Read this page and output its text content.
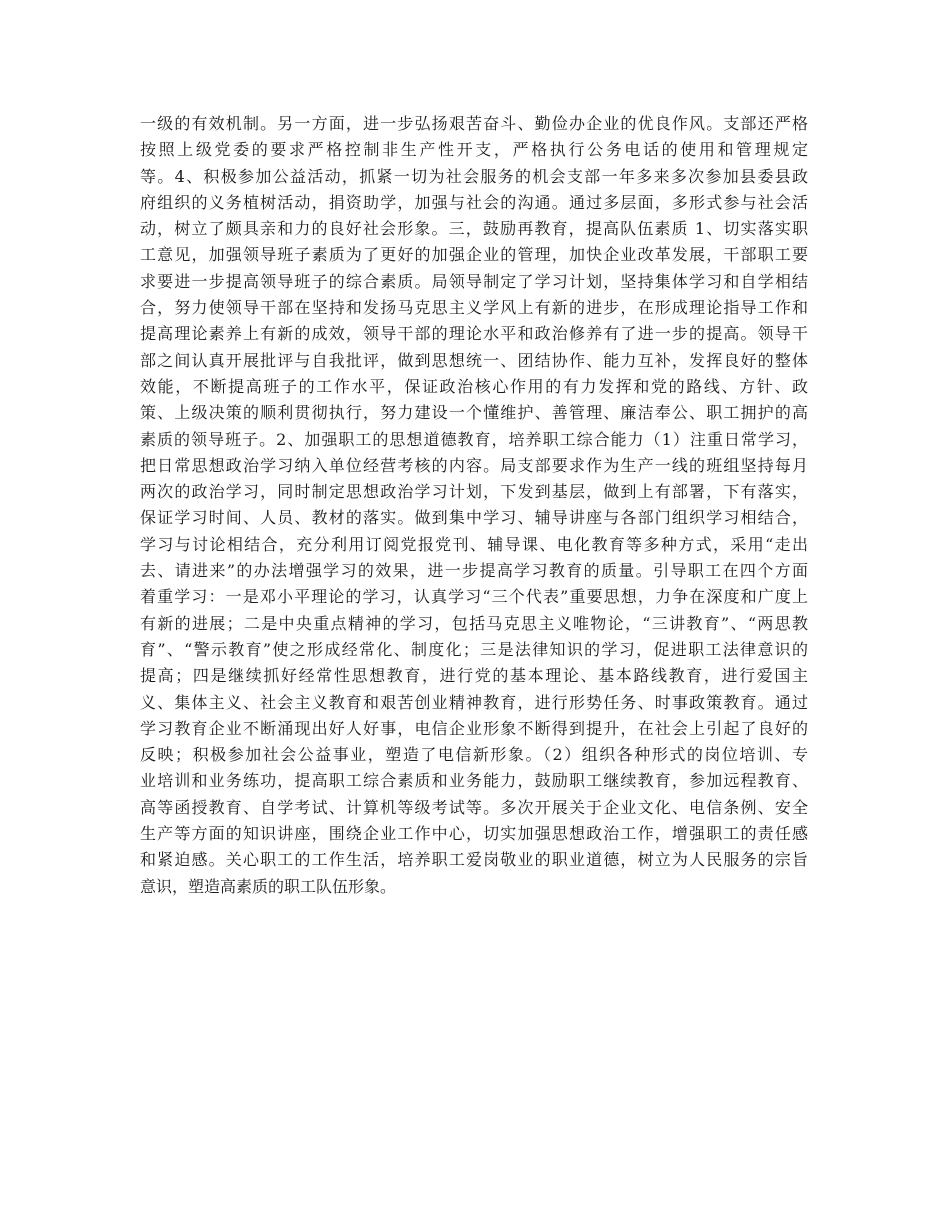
一级的有效机制。另一方面，进一步弘扬艰苦奋斗、勤俭办企业的优良作风。支部还严格
按照上级党委的要求严格控制非生产性开支，严格执行公务电话的使用和管理规定
等。4、积极参加公益活动，抓紧一切为社会服务的机会支部一年多来多次参加县委县政
府组织的义务植树活动，捐资助学，加强与社会的沟通。通过多层面，多形式参与社会活
动，树立了颇具亲和力的良好社会形象。三，鼓励再教育，提高队伍素质 1、切实落实职
工意见，加强领导班子素质为了更好的加强企业的管理，加快企业改革发展，干部职工要
求要进一步提高领导班子的综合素质。局领导制定了学习计划，坚持集体学习和自学相结
合，努力使领导干部在坚持和发扬马克思主义学风上有新的进步，在形成理论指导工作和
提高理论素养上有新的成效，领导干部的理论水平和政治修养有了进一步的提高。领导干
部之间认真开展批评与自我批评，做到思想统一、团结协作、能力互补，发挥良好的整体
效能，不断提高班子的工作水平，保证政治核心作用的有力发挥和党的路线、方针、政
策、上级决策的顺利贯彻执行，努力建设一个懂维护、善管理、廉洁奉公、职工拥护的高
素质的领导班子。2、加强职工的思想道德教育，培养职工综合能力（1）注重日常学习，
把日常思想政治学习纳入单位经营考核的内容。局支部要求作为生产一线的班组坚持每月
两次的政治学习，同时制定思想政治学习计划，下发到基层，做到上有部署，下有落实，
保证学习时间、人员、教材的落实。做到集中学习、辅导讲座与各部门组织学习相结合，
学习与讨论相结合，充分利用订阅党报党刊、辅导课、电化教育等多种方式，采用“走出
去、请进来”的办法增强学习的效果，进一步提高学习教育的质量。引导职工在四个方面
着重学习：一是邓小平理论的学习，认真学习“三个代表”重要思想，力争在深度和广度上
有新的进展；二是中央重点精神的学习，包括马克思主义唯物论，“三讲教育”、“两思教
育”、“警示教育”使之形成经常化、制度化；三是法律知识的学习，促进职工法律意识的
提高；四是继续抓好经常性思想教育，进行党的基本理论、基本路线教育，进行爱国主
义、集体主义、社会主义教育和艰苦创业精神教育，进行形势任务、时事政策教育。通过
学习教育企业不断涌现出好人好事，电信企业形象不断得到提升，在社会上引起了良好的
反映；积极参加社会公益事业，塑造了电信新形象。（2）组织各种形式的岗位培训、专
业培训和业务练功，提高职工综合素质和业务能力，鼓励职工继续教育，参加远程教育、
高等函授教育、自学考试、计算机等级考试等。多次开展关于企业文化、电信条例、安全
生产等方面的知识讲座，围绕企业工作中心，切实加强思想政治工作，增强职工的责任感
和紧迫感。关心职工的工作生活，培养职工爱岗敬业的职业道德，树立为人民服务的宗旨
意识，塑造高素质的职工队伍形象。
